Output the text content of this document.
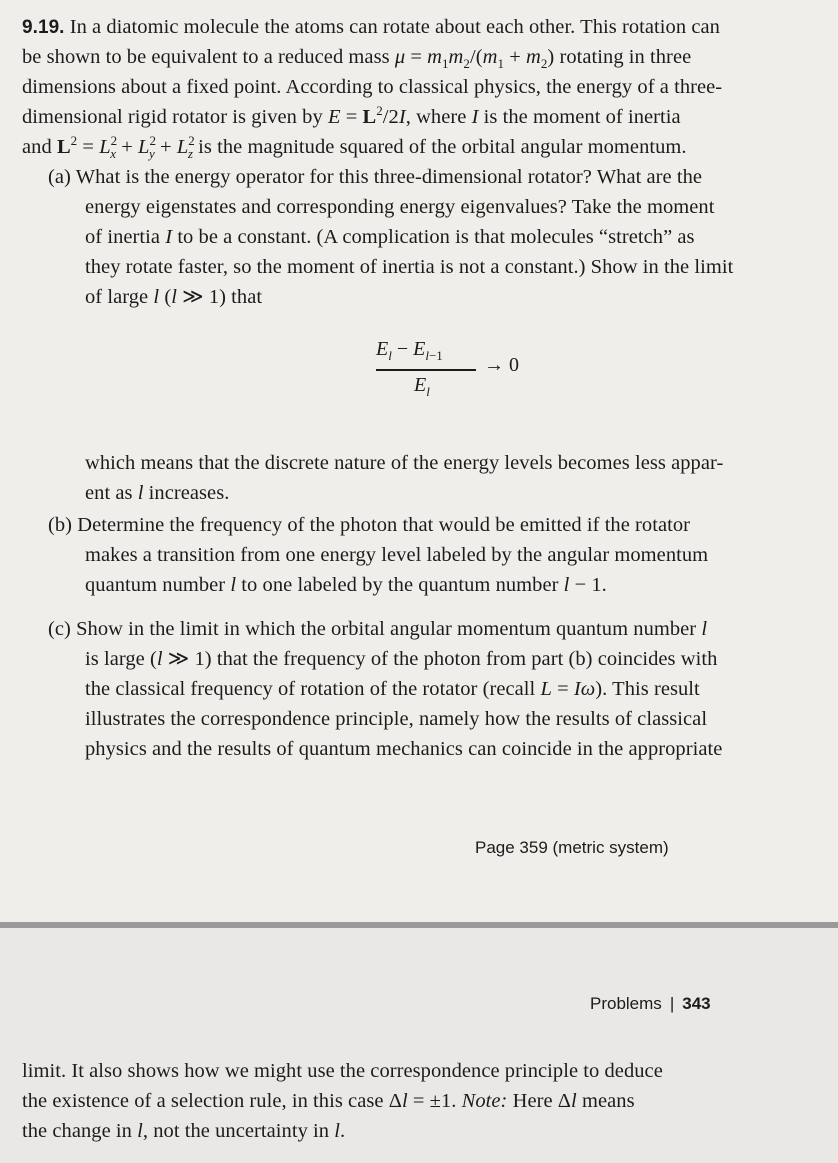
9.19. In a diatomic molecule the atoms can rotate about each other. This rotation can
be shown to be equivalent to a reduced mass $\mu = m_1m_2/(m_1 + m_2)$ rotating in three
dimensions about a fixed point. According to classical physics, the energy of a three-
dimensional rigid rotator is given by $E = L^2/2I$, where I is the moment of inertia
and $L^2 = L^2_x + L^2_y + L^2_z$ is the magnitude squared of the orbital angular momentum.
(a) What is the energy operator for this three-dimensional rotator? What are the
energy eigenstates and corresponding energy eigenvalues? Take the moment
of inertia I to be a constant. (A complication is that molecules “stretch” as
they rotate faster, so the moment of inertia is not a constant.) Show in the limit
of large l (l ≫ 1) that
$E_l - E_{l-1}$
$E_l$
→ 0
which means that the discrete nature of the energy levels becomes less appar-
ent as l increases.
(b) Determine the frequency of the photon that would be emitted if the rotator
makes a transition from one energy level labeled by the angular momentum
quantum number l to one labeled by the quantum number l − 1.
(c) Show in the limit in which the orbital angular momentum quantum number l
is large (l ≫ 1) that the frequency of the photon from part (b) coincides with
the classical frequency of rotation of the rotator (recall L = Iω). This result
illustrates the correspondence principle, namely how the results of classical
physics and the results of quantum mechanics can coincide in the appropriate
Page 359 (metric system)
Problems | 343
limit. It also shows how we might use the correspondence principle to deduce
the existence of a selection rule, in this case Δl = ±1. Note: Here Δl means
the change in l, not the uncertainty in l.
